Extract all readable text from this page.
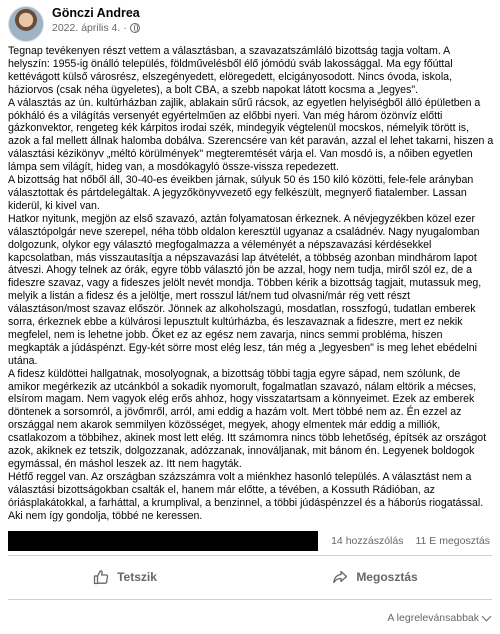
Gönczi Andrea
2022. április 4. ·

Tegnap tevékenyen részt vettem a választásban, a szavazatszámláló bizottság tagja voltam. A helyszín: 1955-ig önálló település, földművelésből élő jómódú sváb lakossággal. Ma egy főúttal kettévágott külső városrész, elszegényedett, elöregedett, elcigányosodott. Nincs óvoda, iskola, háziorvos (csak néha ügyeletes), a bolt CBA, a szebb napokat látott kocsma a „legyes".

A választás az ún. kultúrházban zajlik, ablakain sűrű rácsok, az egyetlen helyiségből álló épületben a pókháló és a világítás versenyét egyértelműen az előbbi nyeri. Van még három özönvíz előtti gázkonvektor, rengeteg kék kárpitos irodai szék, mindegyik végtelenül mocskos, némelyik törött is, azok a fal mellett állnak halomba dobálva. Szerencsére van két paraván, azzal el lehet takarni, hiszen a választási kézikönyv „méltó körülmények" megteremtését várja el. Van mosdó is, a nőiben egyetlen lámpa sem világít, hideg van, a mosdókagyló össze-vissza repedezett.

A bizottság hat nőből áll, 30-40-es éveikben járnak, súlyuk 50 és 150 kiló közötti, fele-fele arányban választottak és pártdelegáltak. A jegyzőkönyvvezető egy felkészült, megnyerő fiatalember. Lassan kiderül, ki kivel van.

Hatkor nyitunk, megjön az első szavazó, aztán folyamatosan érkeznek. A névjegyzékben közel ezer választópolgár neve szerepel, néha több oldalon keresztül ugyanaz a családnév. Nagy nyugalomban dolgozunk, olykor egy választó megfogalmazza a véleményét a népszavazási kérdésekkel kapcsolatban, más visszautasítja a népszavazási lap átvételét, a többség azonban mindhárom lapot átveszi. Ahogy telnek az órák, egyre több választó jön be azzal, hogy nem tudja, miről szól ez, de a fideszre szavaz, vagy a fideszes jelölt nevét mondja. Többen kérik a bizottság tagjait, mutassuk meg, melyik a listán a fidesz és a jelöltje, mert rosszul lát/nem tud olvasni/már rég vett részt választáson/most szavaz először. Jönnek az alkoholszagú, mosdatlan, rosszfogú, tudatlan emberek sorra, érkeznek ebbe a külvárosi lepusztult kultúrházba, és leszavaznak a fideszre, mert ez nekik megfelel, nem is lehetne jobb. Őket ez az egész nem zavarja, nincs semmi probléma, hiszen megkapták a júdáspénzt. Egy-két sörre most elég lesz, tán még a „legyesben" is meg lehet ebédelni utána.

A fidesz küldöttei hallgatnak, mosolyognak, a bizottság többi tagja egyre sápad, nem szólunk, de amikor megérkezik az utcánkból a sokadik nyomorult, fogalmatlan szavazó, nálam eltörik a mécses, elsírom magam. Nem vagyok elég erős ahhoz, hogy visszatartsam a könnyeimet. Ezek az emberek döntenek a sorsomról, a jövőmről, arról, ami eddig a hazám volt. Mert többé nem az. Én ezzel az országgal nem akarok semmilyen közösséget, megyek, ahogy elmentek már eddig a milliók, csatlakozom a többihez, akinek most lett elég. Itt számomra nincs több lehetőség, építsék az országot azok, akiknek ez tetszik, dolgozzanak, adózzanak, innováljanak, mit bánom én. Legyenek boldogok egymással, én máshol leszek az. Itt nem hagyták.

Hétfő reggel van. Az országban százszámra volt a miénkhez hasonló település. A választást nem a választási bizottságokban csalták el, hanem már előtte, a tévében, a Kossuth Rádióban, az óriásplakátokkal, a farháttal, a krumplival, a benzinnel, a többi júdáspénzzel és a háborús riogatással. Aki nem így gondolja, többé ne keressen.

14 hozzászólás 11 E megosztás
Tetszik	Megosztás
A legrelevánsabbak
